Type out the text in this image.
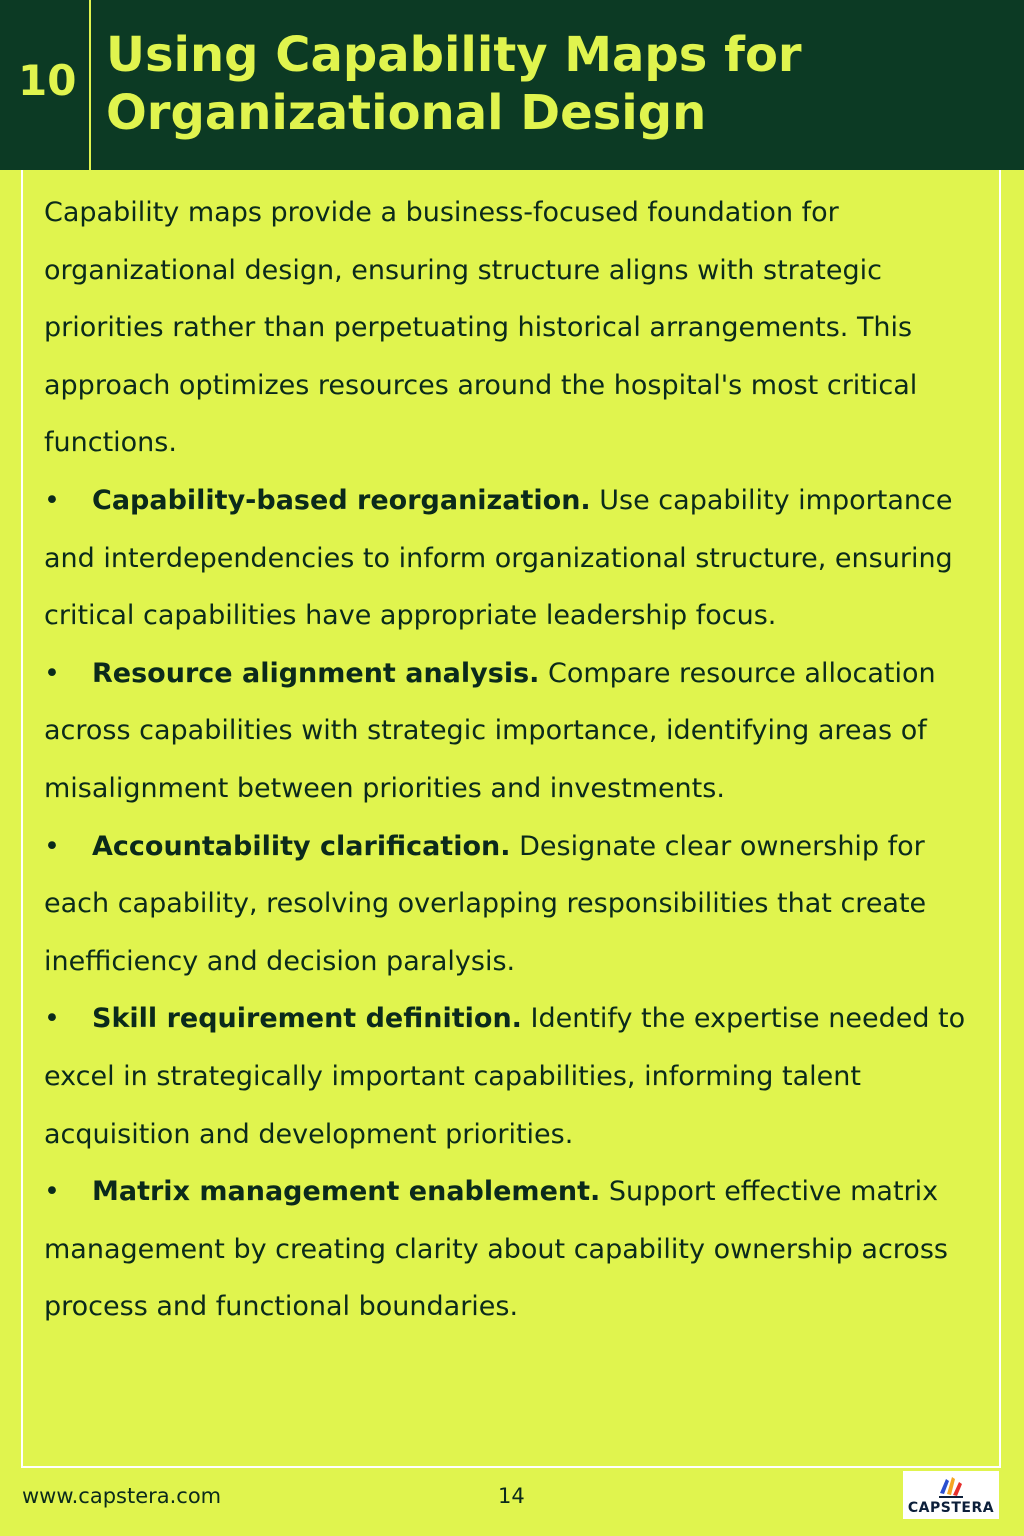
10 Using Capability Maps for
Organizational Design

Capability maps provide a business-focused foundation for organizational design, ensuring structure aligns with strategic priorities rather than perpetuating historical arrangements. This approach optimizes resources around the hospital's most critical functions.

• Capability-based reorganization. Use capability importance and interdependencies to inform organizational structure, ensuring critical capabilities have appropriate leadership focus.

• Resource alignment analysis. Compare resource allocation across capabilities with strategic importance, identifying areas of misalignment between priorities and investments.

• Accountability clarification. Designate clear ownership for each capability, resolving overlapping responsibilities that create inefficiency and decision paralysis.

• Skill requirement definition. Identify the expertise needed to excel in strategically important capabilities, informing talent acquisition and development priorities.

• Matrix management enablement. Support effective matrix management by creating clarity about capability ownership across process and functional boundaries.

www.capstera.com	14	CAPSTERA
